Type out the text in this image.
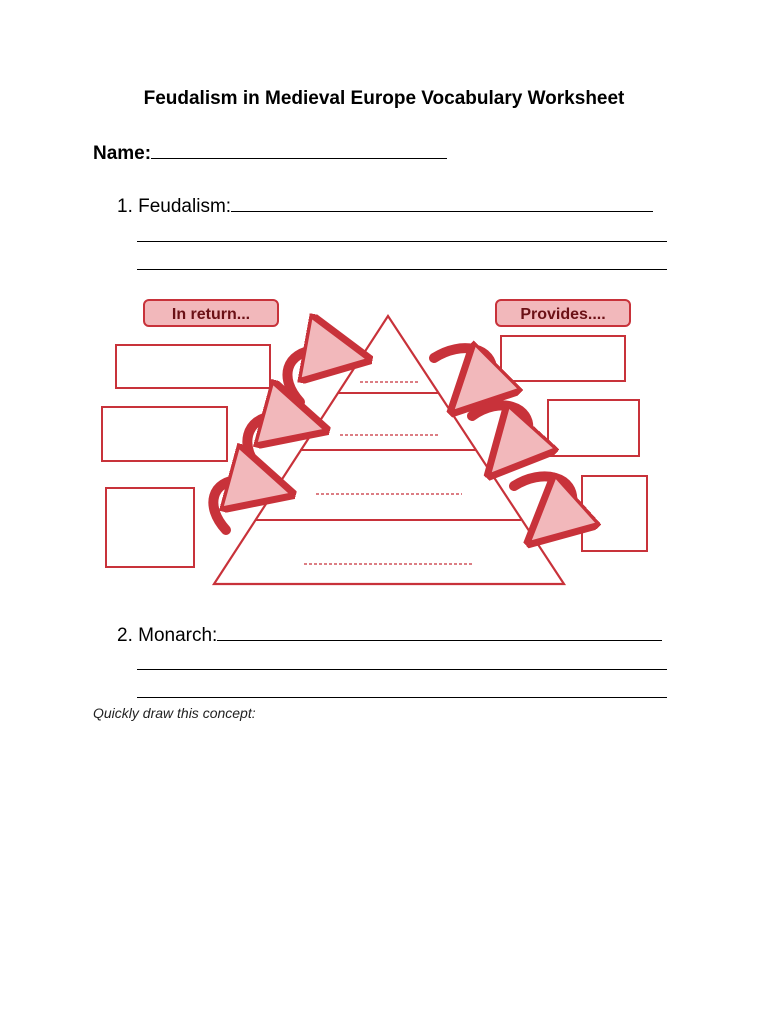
Feudalism in Medieval Europe Vocabulary Worksheet
Name:
1. Feudalism:
In return...	Provides....
2. Monarch:
Quickly draw this concept:
